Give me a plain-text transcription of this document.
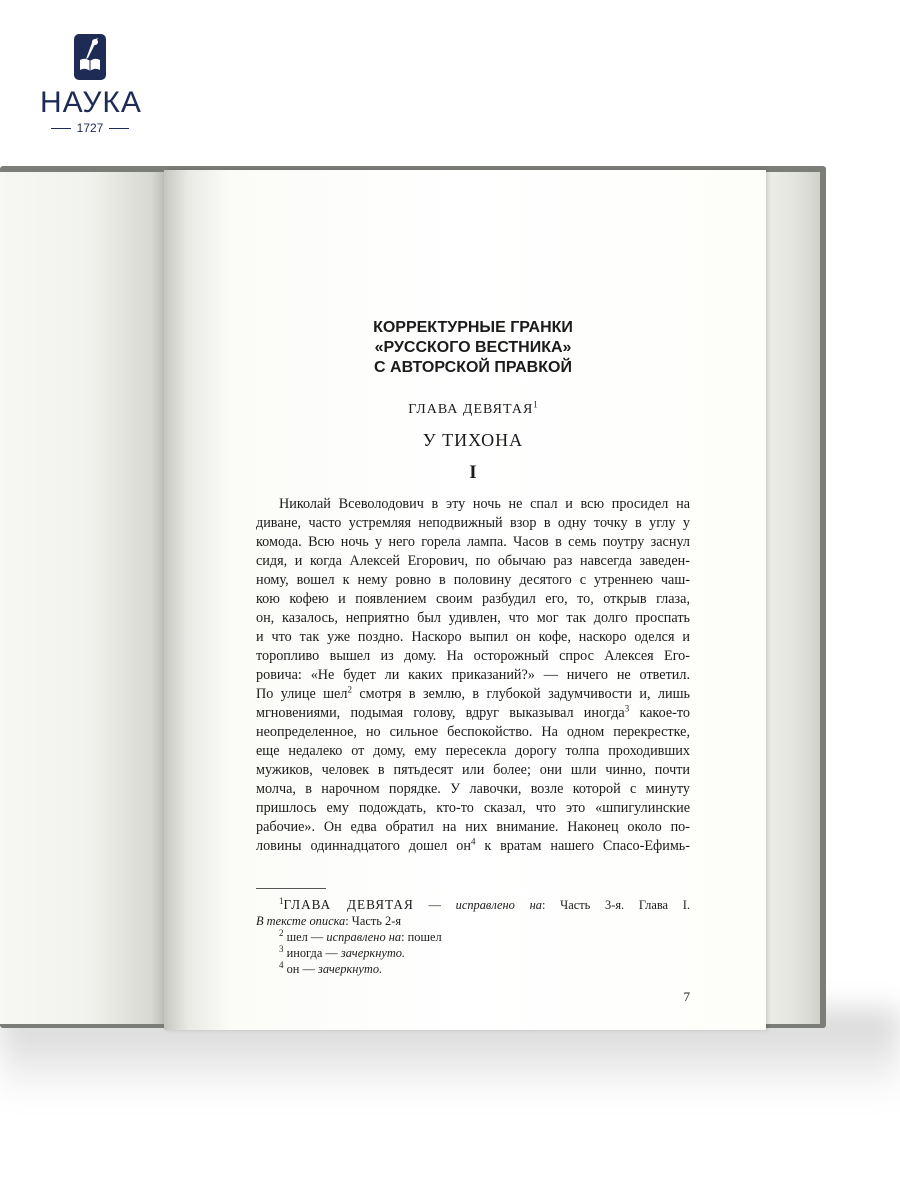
НАУКА
1727
КОРРЕКТУРНЫЕ ГРАНКИ
«РУССКОГО ВЕСТНИКА»
С АВТОРСКОЙ ПРАВКОЙ
ГЛАВА ДЕВЯТАЯ$^1$
У ТИХОНА
I
Николай Всеволодович в эту ночь не спал и всю просидел на
диване, часто устремляя неподвижный взор в одну точку в углу у
комода. Всю ночь у него горела лампа. Часов в семь поутру заснул
сидя, и когда Алексей Егорович, по обычаю раз навсегда заведен-
ному, вошел к нему ровно в половину десятого с утреннею чаш-
кою кофею и появлением своим разбудил его, то, открыв глаза,
он, казалось, неприятно был удивлен, что мог так долго проспать
и что так уже поздно. Наскоро выпил он кофе, наскоро оделся и
торопливо вышел из дому. На осторожный спрос Алексея Его-
ровича: «Не будет ли каких приказаний?» — ничего не ответил.
По улице шел$^2$ смотря в землю, в глубокой задумчивости и, лишь
мгновениями, подымая голову, вдруг выказывал иногда$^3$ какое-то
неопределенное, но сильное беспокойство. На одном перекрестке,
еще недалеко от дому, ему пересекла дорогу толпа проходивших
мужиков, человек в пятьдесят или более; они шли чинно, почти
молча, в нарочном порядке. У лавочки, возле которой с минуту
пришлось ему подождать, кто-то сказал, что это «шпигулинские
рабочие». Он едва обратил на них внимание. Наконец около по-
ловины одиннадцатого дошел $он^4$ к вратам нашего Спасо-Ефимь-
$^1$ГЛАВА ДЕВЯТАЯ — исправлено на: Часть 3-я. Глава I.
В тексте описка: Часть 2-я
$^2$ шел — исправлено на: пошел
$^3$ иногда — зачеркнуто.
$^4$ он — зачеркнуто.
7
